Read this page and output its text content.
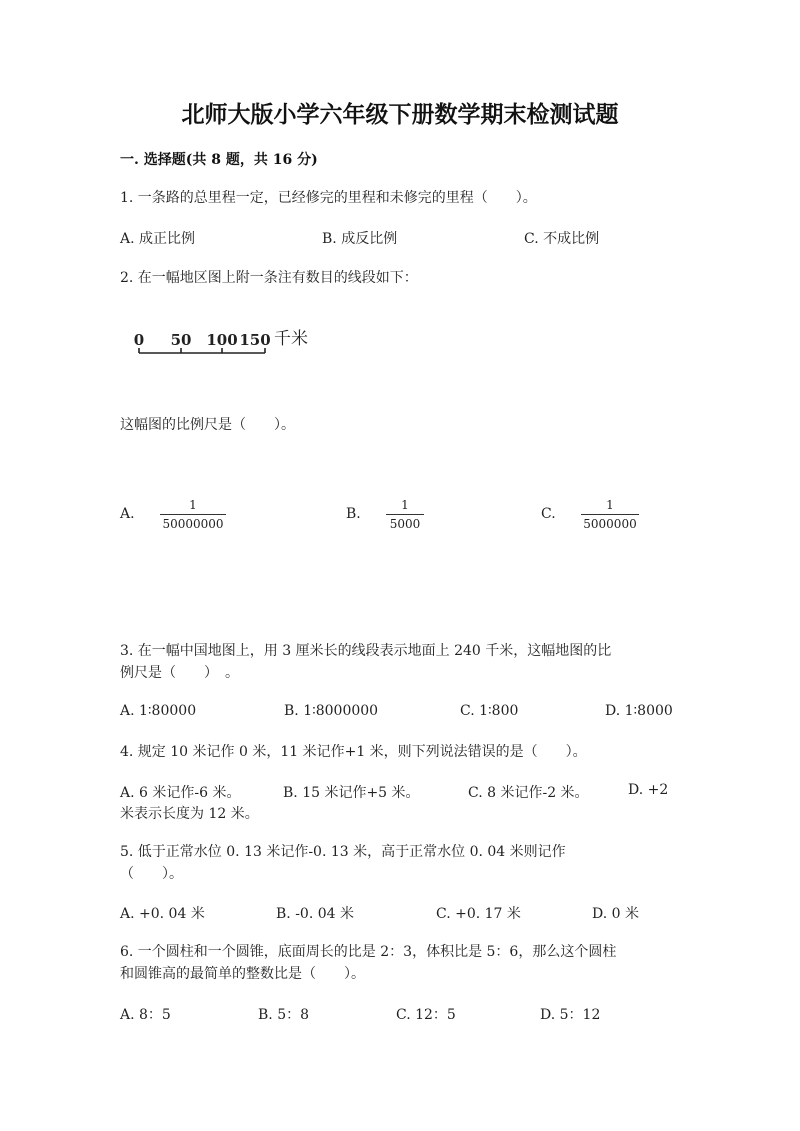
北师大版小学六年级下册数学期末检测试题
一. 选择题(共 8 题，共 16 分)
1. 一条路的总里程一定，已经修完的里程和未修完的里程（　　）。
A. 成正比例	B. 成反比例	C. 不成比例
2. 在一幅地区图上附一条注有数目的线段如下：
0 50 100 150 千米
这幅图的比例尺是（　　）。
A.
1
50000000
B.
1
5000
C.
1
5000000
3. 在一幅中国地图上，用 3 厘米长的线段表示地面上 240 千米，这幅地图的比
例尺是（　　）　。
A. 1∶80000	B. 1∶8000000	C. 1∶800	D. 1∶8000
4. 规定 10 米记作 0 米，11 米记作+1 米，则下列说法错误的是（　　）。
A. 6 米记作-6 米。	B. 15 米记作+5 米。	C. 8 米记作-2 米。	D. +2
米表示长度为 12 米。
5. 低于正常水位 0. 13 米记作-0. 13 米，高于正常水位 0. 04 米则记作
（　　）。
A. +0. 04 米	B. -0. 04 米	C. +0. 17 米	D. 0 米
6. 一个圆柱和一个圆锥，底面周长的比是 2：3，体积比是 5：6，那么这个圆柱
和圆锥高的最简单的整数比是（　　）。
A. 8：5	B. 5：8	C. 12：5	D. 5：12
